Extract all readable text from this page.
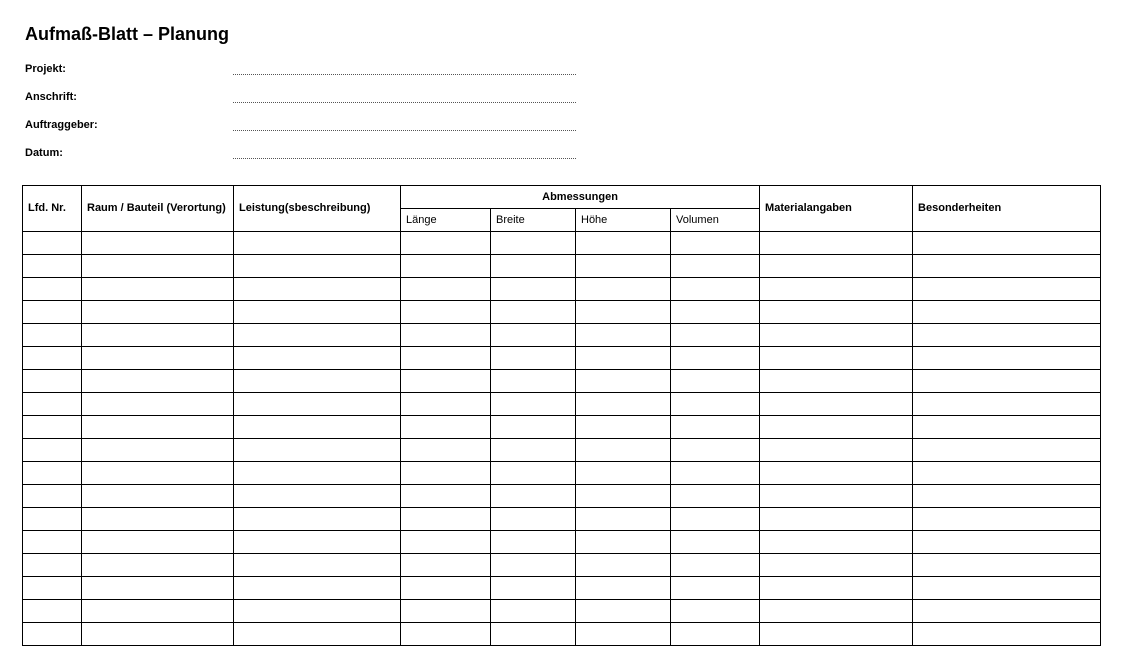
Aufmaß-Blatt – Planung
Projekt:
Anschrift:
Auftraggeber:
Datum:
Lfd. Nr.	Raum / Bauteil (Verortung)	Leistung(sbeschreibung)	Abmessungen				Materialangaben	Besonderheiten
			Länge	Breite	Höhe	Volumen		
